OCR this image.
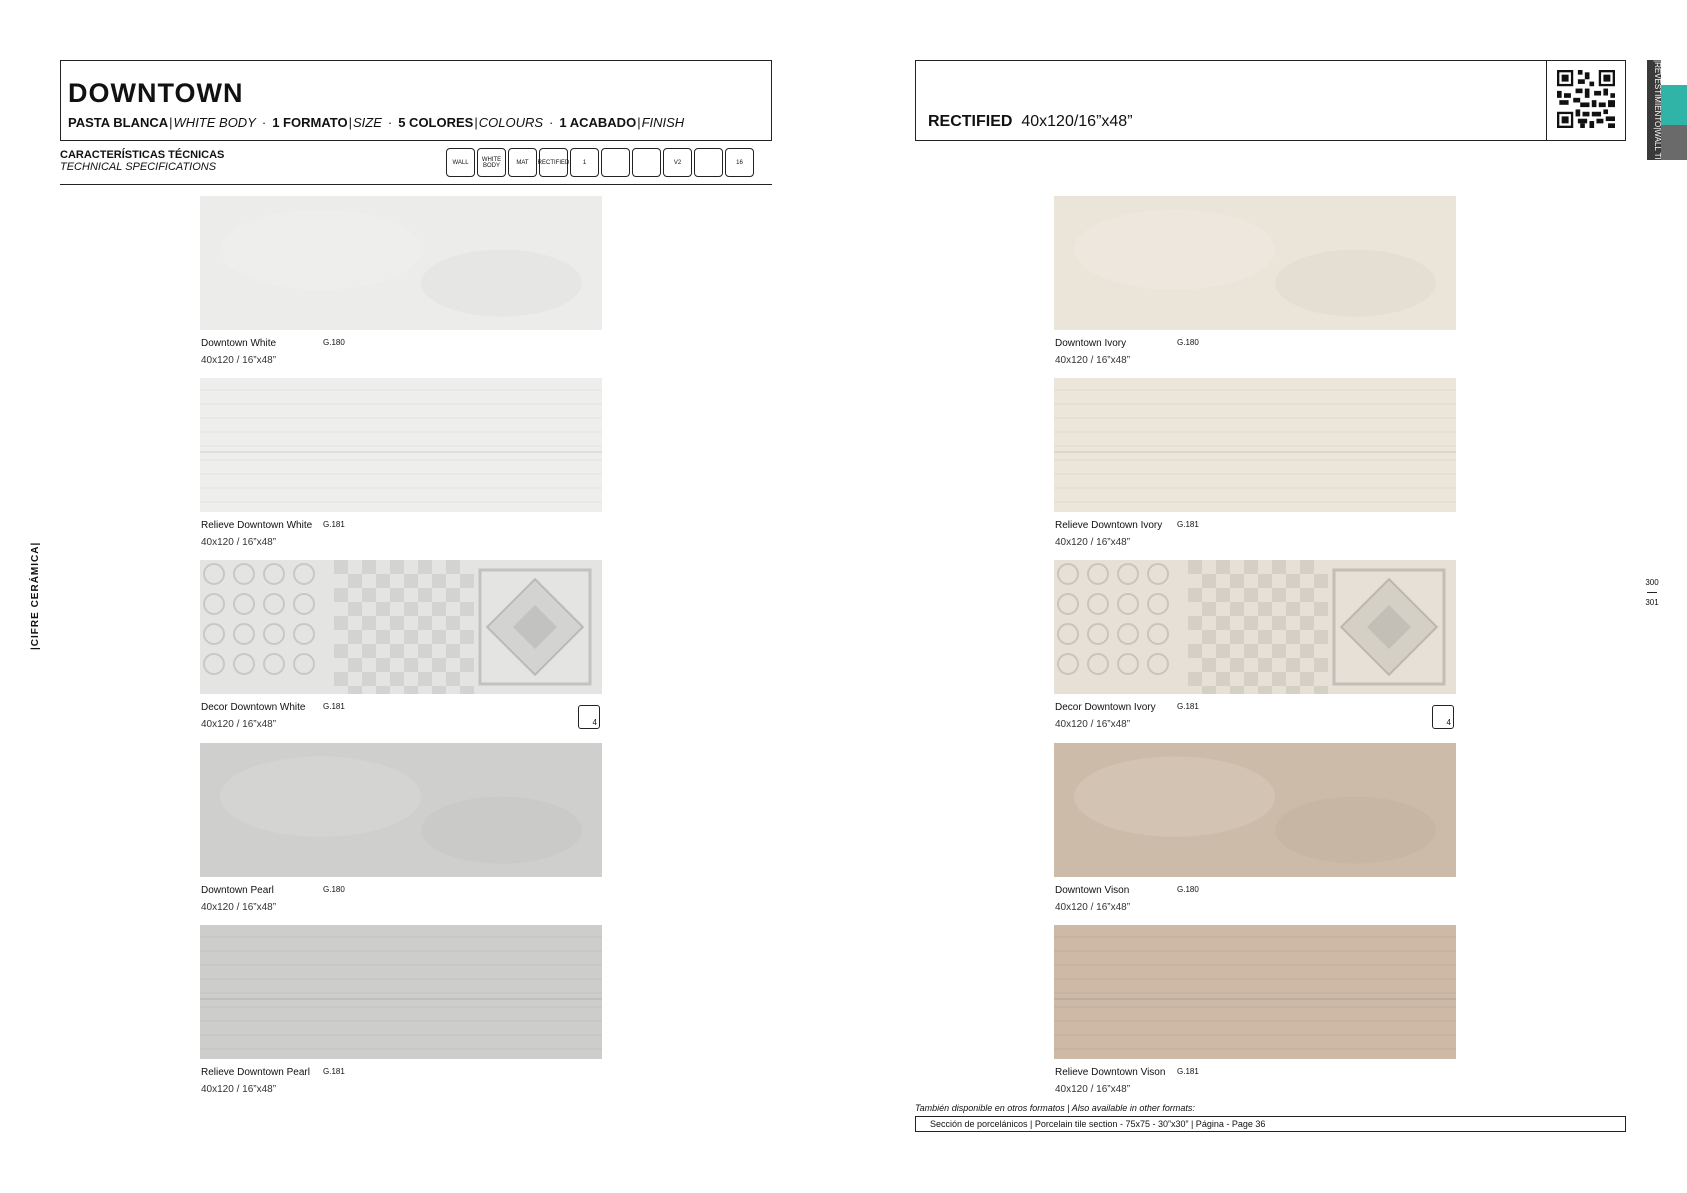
DOWNTOWN
PASTA BLANCA|WHITE BODY · 1 FORMATO|SIZE · 5 COLORES|COLOURS · 1 ACABADO|FINISH
CARACTERÍSTICAS TÉCNICAS
TECHNICAL SPECIFICATIONS	WALL	WHITE BODY	MAT	RECTIFIED	1	V2	16
RECTIFIED 40x120/16”x48”	|REVESTIMIENTO|WALL TILE|
|CIFRE CERÁMICA|	300
301
Downtown White	G.180
40x120 / 16”x48”
Relieve Downtown White G.181
40x120 / 16”x48”
Decor Downtown White G.181
40x120 / 16”x48”	4
Downtown Pearl	G.180
40x120 / 16”x48”
Relieve Downtown Pearl G.181
40x120 / 16”x48”
Downtown Ivory	G.180
40x120 / 16”x48”
Relieve Downtown Ivory G.181
40x120 / 16”x48”
Decor Downtown Ivory	G.181
40x120 / 16”x48”	4
Downtown Vison	G.180
40x120 / 16”x48”
Relieve Downtown Vison G.181
40x120 / 16”x48”
También disponible en otros formatos | Also available in other formats:
Sección de porcelánicos | Porcelain tile section - 75x75 - 30”x30” | Página - Page 36
